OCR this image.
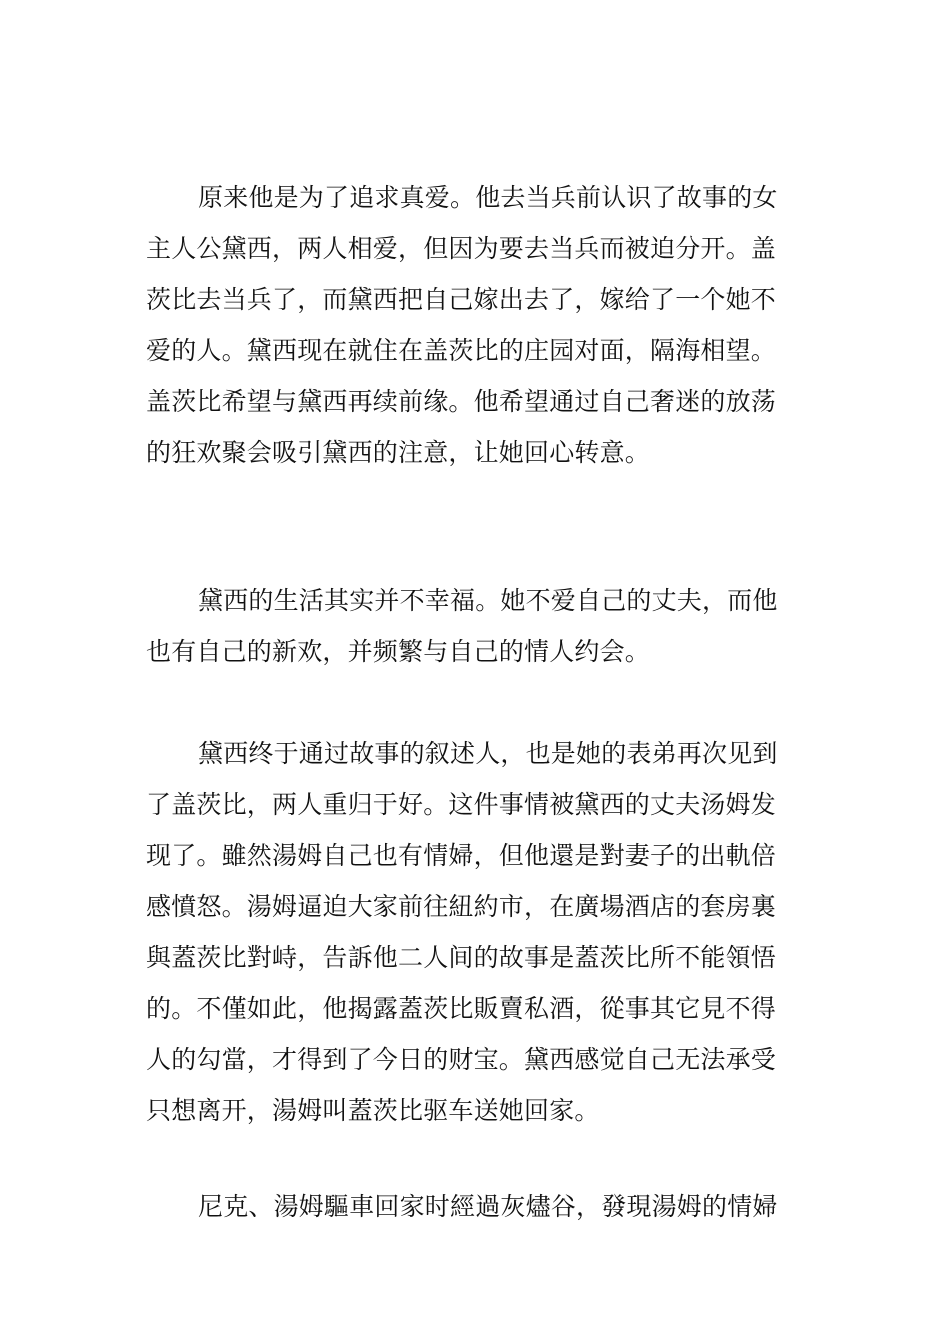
原来他是为了追求真爱。他去当兵前认识了故事的女
主人公黛西，两人相爱，但因为要去当兵而被迫分开。盖
茨比去当兵了，而黛西把自己嫁出去了，嫁给了一个她不
爱的人。黛西现在就住在盖茨比的庄园对面，隔海相望。
盖茨比希望与黛西再续前缘。他希望通过自己奢迷的放荡
的狂欢聚会吸引黛西的注意，让她回心转意。
黛西的生活其实并不幸福。她不爱自己的丈夫，而他
也有自己的新欢，并频繁与自己的情人约会。
黛西终于通过故事的叙述人，也是她的表弟再次见到
了盖茨比，两人重归于好。这件事情被黛西的丈夫汤姆发
现了。雖然湯姆自己也有情婦，但他還是對妻子的出軌倍
感憤怒。湯姆逼迫大家前往紐約市，在廣場酒店的套房裏
與蓋茨比對峙，告訴他二人间的故事是蓋茨比所不能領悟
的。不僅如此，他揭露蓋茨比販賣私酒，從事其它見不得
人的勾當，才得到了今日的财宝。黛西感觉自己无法承受
只想离开，湯姆叫蓋茨比驱车送她回家。
尼克、湯姆驅車回家时經過灰燼谷，發現湯姆的情婦
